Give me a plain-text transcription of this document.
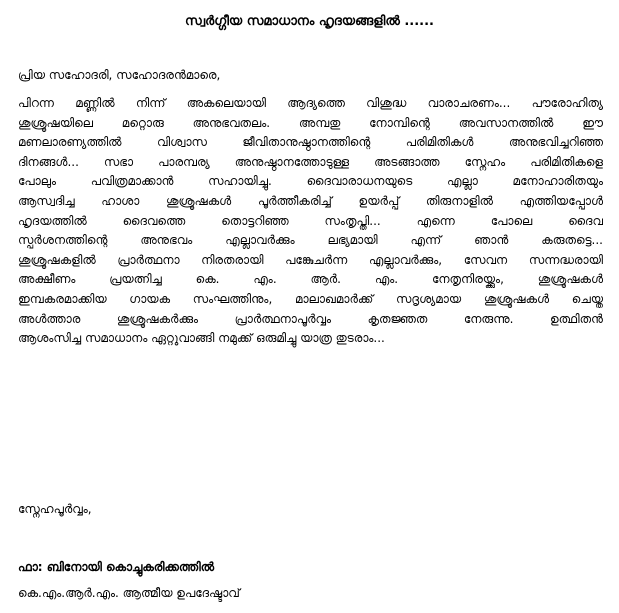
സ്വർഗ്ഗീയ സമാധാനം ഹൃദയങ്ങളിൽ ......
പ്രിയ സഹോദരി, സഹോദരൻമാരെ,
പിറന്ന മണ്ണിൽ നിന്ന് അകലെയായി ആദ്യത്തെ വിശുദ്ധ വാരാചരണം... പൗരോഹിത്യ
ശുശ്രൂഷയിലെ മറ്റൊരു അനുഭവതലം. അമ്പതു നോമ്പിന്റെ അവസാനത്തിൽ ഈ
മണലാരണ്യത്തിൽ വിശ്വാസ ജീവിതാനുഷ്ഠാനത്തിന്റെ പരിമിതികൾ അനുഭവിച്ചറിഞ്ഞ
ദിനങ്ങൾ... സഭാ പാരമ്പര്യ അനുഷ്ഠാനത്തോടുള്ള അടങ്ങാത്ത സ്നേഹം പരിമിതികളെ
പോലും പവിത്രമാക്കാൻ സഹായിച്ചു. ദൈവാരാധനയുടെ എല്ലാ മനോഹാരിതയും
ആസ്വദിച്ച ഹാശാ ശുശ്രൂഷകൾ പൂർത്തീകരിച്ച് ഉയർപ്പ് തിരുനാളിൽ എത്തിയപ്പോൾ
ഹൃദയത്തിൽ ദൈവത്തെ തൊട്ടറിഞ്ഞ സംതൃപ്തി... എന്നെ പോലെ ദൈവ
സ്പർശനത്തിന്റെ അനുഭവം എല്ലാവർക്കും ലഭ്യമായി എന്ന് ഞാൻ കരുതട്ടെ...
ശുശ്രൂഷകളിൽ പ്രാർത്ഥനാ നിരതരായി പങ്കേുചർന്ന എല്ലാവർക്കും, സേവന സന്നദ്ധരായി
അക്ഷീണം പ്രയത്നിച്ച കെ. എം. ആർ. എം. നേതൃനിരയ്ക്കും, ശുശ്രൂഷകൾ
ഇമ്പകരമാക്കിയ ഗായക സംഘത്തിനും, മാലാഖമാർക്ക് സദൃശ്യമായ ശുശ്രൂഷകൾ ചെയ്ത
അൾത്താര ശുശ്രൂഷകർക്കും പ്രാർത്ഥനാപൂർവ്വം കൃതജ്ഞത നേരുന്നു. ഉത്ഥിതൻ
ആശംസിച്ച സമാധാനം ഏറ്റുവാങ്ങി നമുക്ക് ഒരുമിച്ചു യാത്ര തുടരാം...
സ്നേഹപൂർവ്വം,
ഫാ: ബിനോയി കൊച്ചുകരിക്കത്തിൽ
കെ.എം.ആർ.എം. ആത്മീയ ഉപദേഷ്ടാവ്
